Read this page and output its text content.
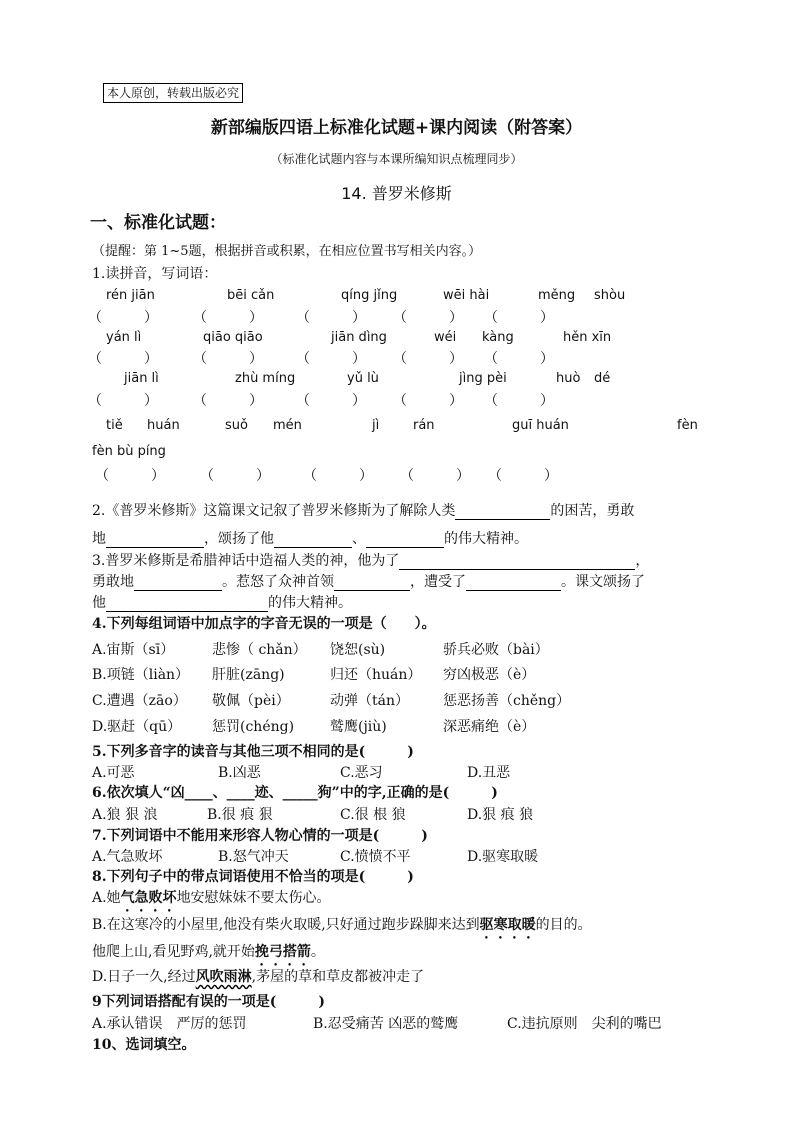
本人原创，转载出版必究
新部编版四语上标准化试题+课内阅读（附答案）
（标准化试题内容与本课所编知识点梳理同步）
14. 普罗米修斯
一、标准化试题：
（提醒：第 1~5题，根据拼音或积累，在相应位置书写相关内容。）
1.读拼音，写词语：
rén jiān	bēi cǎn	qíng jǐng	wēi hài	měng shòu
（　　　）	（　　　） （　　　） （　　　） （　　　）
yán lì	qiāo qiāo	jiān dìng	wéi kàng	hěn xīn
（　　　）	（　　　） （　　　） （　　　） （　　　）
jiān lì	zhù míng	yǔ lù	jìng pèi	huò dé
（　　　）	（　　　） （　　　） （　　　） （　　　）
tiě huán	suǒ mén	jì	rán	guī huán	fèn
fèn bù píng
（　　　）	（　　　） （　　　） （　　　） （　　　）
2.《普罗米修斯》这篇课文记叙了普罗米修斯为了解除人类	的困苦，勇敢
地	，颂扬了他	、	的伟大精神。
3.普罗米修斯是希腊神话中造福人类的神，他为了	，
勇敢地	。惹怒了众神首领	，遭受了	。课文颂扬了
他	的伟大精神。
4.下列每组词语中加点字的字音无误的一项是（　　）。
A.宙斯（sī）	悲惨（ chǎn） 饶恕(sù)	骄兵必败（bài）
B.项链（liàn） 肝脏(zāng)	归还（huán） 穷凶极恶（è）
C.遭遇（zāo） 敬佩（pèi）	动弹（tán） 惩恶扬善（chěng）
D.驱赶（qū） 惩罚(chéng)	鹫鹰(jiù)	深恶痛绝（è）
5.下列多音字的读音与其他三项不相同的是(　　　)
A.可恶	B.凶恶	C.恶习	D.丑恶
6.依次填人“凶____、____迹、_____狗”中的字,正确的是(　　　)
A.狼 狠 浪	B.很 痕 狠	C.很 根 狼	D.狠 痕 狼
7.下列词语中不能用来形容人物心情的一项是(　　　)
A.气急败坏	B.怒气冲天	C.愤愤不平	D.驱寒取暖
8.下列句子中的带点词语使用不恰当的项是(　　　)
A.她气急败坏地安慰妹妹不要太伤心。
B.在这寒冷的小屋里,他没有柴火取暖,只好通过跑步跺脚来达到驱寒取暖的目的。
他爬上山,看见野鸡,就开始挽弓搭箭。
D.日子一久,经过风吹雨淋,茅屋的草和草皮都被冲走了
9下列词语搭配有误的一项是(　　　)
A.承认错误　严厉的惩罚	B.忍受痛苦 凶恶的鹫鹰	C.违抗原则　尖利的嘴巴
10、选词填空。
